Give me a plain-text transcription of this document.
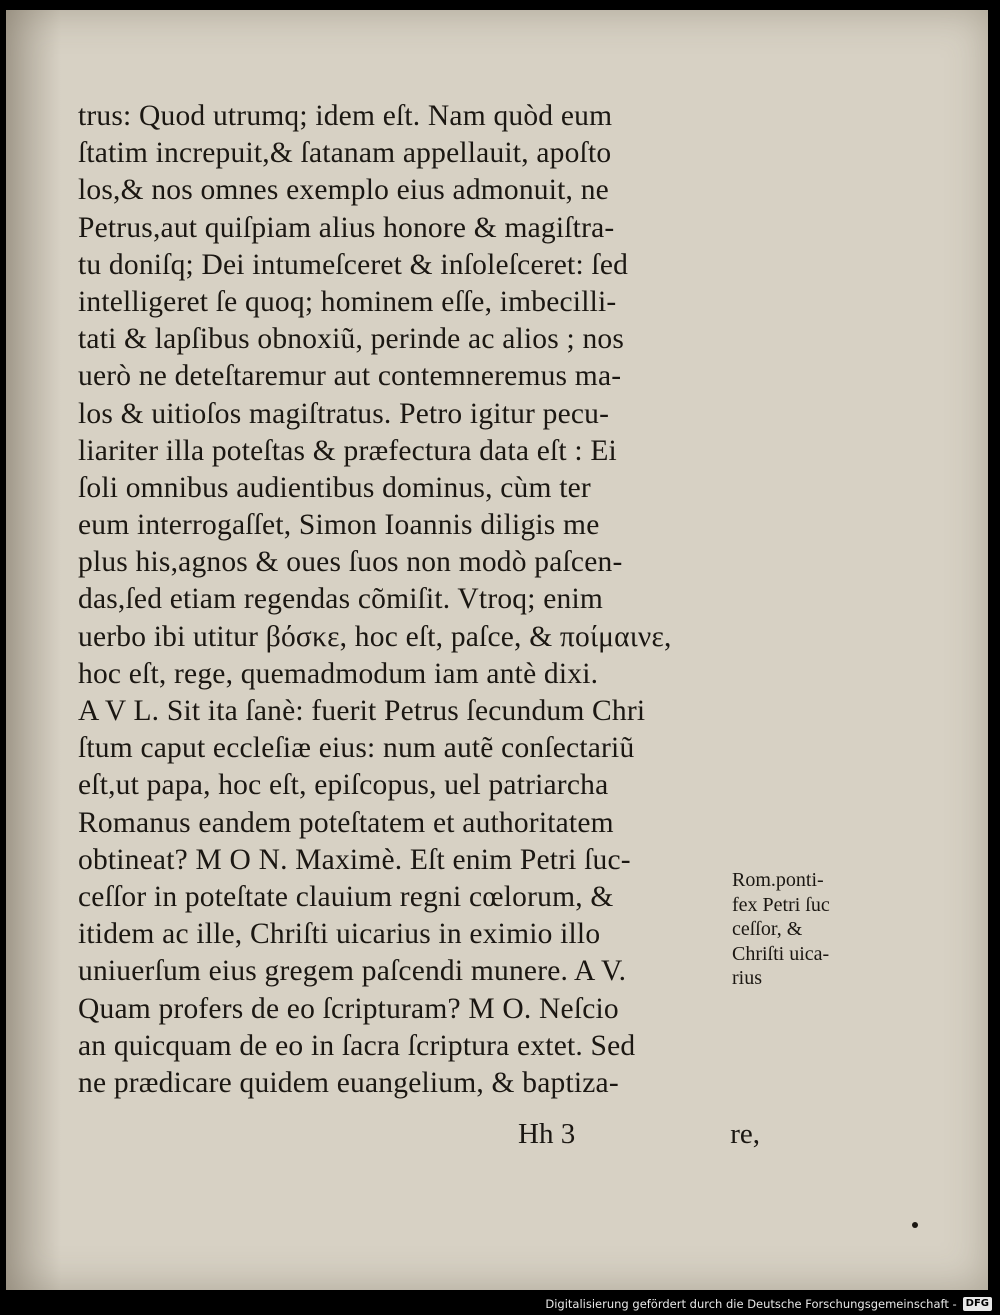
trus: Quod utrumq; idem eſt. Nam quòd eum
ſtatim increpuit,& ſatanam appellauit, apoſto
los,& nos omnes exemplo eius admonuit, ne
Petrus,aut quiſpiam alius honore & magiſtra-
tu doniſq; Dei intumeſceret & inſoleſceret: ſed
intelligeret ſe quoq; hominem eſſe, imbecilli-
tati & lapſibus obnoxiũ, perinde ac alios ; nos
uerò ne deteſtaremur aut contemneremus ma-
los & uitioſos magiſtratus. Petro igitur pecu-
liariter illa poteſtas & præfectura data eſt : Ei
ſoli omnibus audientibus dominus, cùm ter
eum interrogaſſet, Simon Ioannis diligis me
plus his,agnos & oues ſuos non modò paſcen-
das,ſed etiam regendas cõmiſit. Vtroq; enim
uerbo ibi utitur βόσκε, hoc eſt, paſce, & ποίμαινε,
hoc eſt, rege, quemadmodum iam antè dixi.
A V L. Sit ita ſanè: fuerit Petrus ſecundum Chri
ſtum caput eccleſiæ eius: num autẽ conſectariũ
eſt,ut papa, hoc eſt, epiſcopus, uel patriarcha
Romanus eandem poteſtatem et authoritatem
obtineat? M O N. Maximè. Eſt enim Petri ſuc-
ceſſor in poteſtate clauium regni cœlorum, &
itidem ac ille, Chriſti uicarius in eximio illo
uniuerſum eius gregem paſcendi munere. A V.
Quam profers de eo ſcripturam? M O. Neſcio
an quicquam de eo in ſacra ſcriptura extet. Sed
ne prædicare quidem euangelium, & baptiza-
Hh 3	re,
Rom.ponti-
fex Petri ſuc
ceſſor, &
Chriſti uica-
rius
Digitalisierung gefördert durch die Deutsche Forschungsgemeinschaft - DFG
